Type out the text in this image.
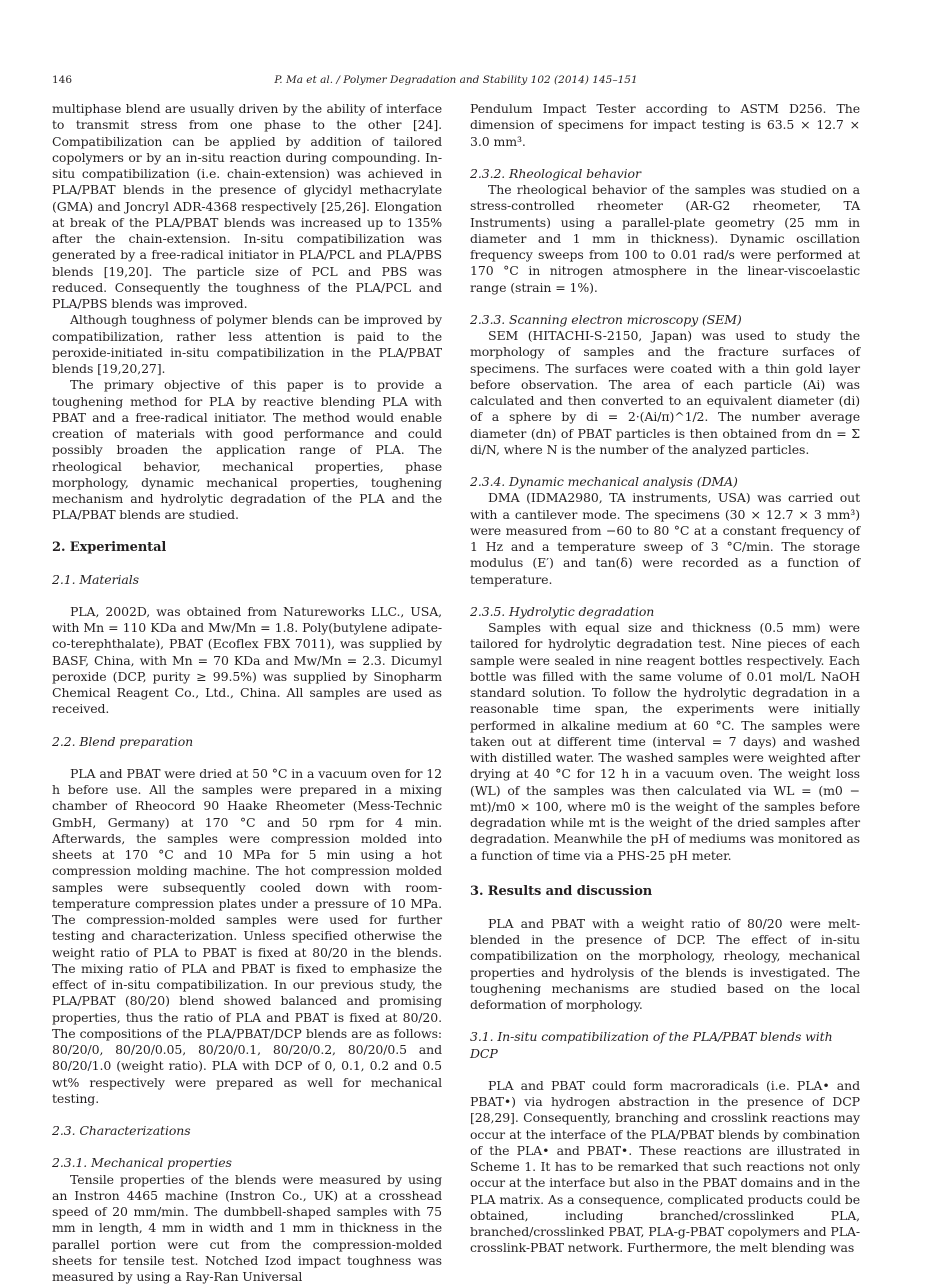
146	P. Ma et al. / Polymer Degradation and Stability 102 (2014) 145–151

multiphase blend are usually driven by the ability of interface to transmit stress from one phase to the other [24]. Compatibilization can be applied by addition of tailored copolymers or by an in-situ reaction during compounding. In-situ compatibilization (i.e. chain-extension) was achieved in PLA/PBAT blends in the presence of glycidyl methacrylate (GMA) and Joncryl ADR-4368 respectively [25,26]. Elongation at break of the PLA/PBAT blends was increased up to 135% after the chain-extension. In-situ compatibilization was generated by a free-radical initiator in PLA/PCL and PLA/PBS blends [19,20]. The particle size of PCL and PBS was reduced. Consequently the toughness of the PLA/PCL and PLA/PBS blends was improved.

Although toughness of polymer blends can be improved by compatibilization, rather less attention is paid to the peroxide-initiated in-situ compatibilization in the PLA/PBAT blends [19,20,27].

The primary objective of this paper is to provide a toughening method for PLA by reactive blending PLA with PBAT and a free-radical initiator. The method would enable creation of materials with good performance and could possibly broaden the application range of PLA. The rheological behavior, mechanical properties, phase morphology, dynamic mechanical properties, toughening mechanism and hydrolytic degradation of the PLA and the PLA/PBAT blends are studied.

2. Experimental
2.1. Materials

PLA, 2002D, was obtained from Natureworks LLC., USA, with Mn = 110 KDa and Mw/Mn = 1.8. Poly(butylene adipate-co-terephthalate), PBAT (Ecoflex FBX 7011), was supplied by BASF, China, with Mn = 70 KDa and Mw/Mn = 2.3. Dicumyl peroxide (DCP, purity ≥ 99.5%) was supplied by Sinopharm Chemical Reagent Co., Ltd., China. All samples are used as received.

2.2. Blend preparation

PLA and PBAT were dried at 50 °C in a vacuum oven for 12 h before use. All the samples were prepared in a mixing chamber of Rheocord 90 Haake Rheometer (Mess-Technic GmbH, Germany) at 170 °C and 50 rpm for 4 min. Afterwards, the samples were compression molded into sheets at 170 °C and 10 MPa for 5 min using a hot compression molding machine. The hot compression molded samples were subsequently cooled down with room-temperature compression plates under a pressure of 10 MPa. The compression-molded samples were used for further testing and characterization. Unless specified otherwise the weight ratio of PLA to PBAT is fixed at 80/20 in the blends. The mixing ratio of PLA and PBAT is fixed to emphasize the effect of in-situ compatibilization. In our previous study, the PLA/PBAT (80/20) blend showed balanced and promising properties, thus the ratio of PLA and PBAT is fixed at 80/20. The compositions of the PLA/PBAT/DCP blends are as follows: 80/20/0, 80/20/0.05, 80/20/0.1, 80/20/0.2, 80/20/0.5 and 80/20/1.0 (weight ratio). PLA with DCP of 0, 0.1, 0.2 and 0.5 wt% respectively were prepared as well for mechanical testing.

2.3. Characterizations
2.3.1. Mechanical properties

Tensile properties of the blends were measured by using an Instron 4465 machine (Instron Co., UK) at a crosshead speed of 20 mm/min. The dumbbell-shaped samples with 75 mm in length, 4 mm in width and 1 mm in thickness in the parallel portion were cut from the compression-molded sheets for tensile test. Notched Izod impact toughness was measured by using a Ray-Ran Universal

Pendulum Impact Tester according to ASTM D256. The dimension of specimens for impact testing is 63.5 × 12.7 × 3.0 mm³.

2.3.2. Rheological behavior

The rheological behavior of the samples was studied on a stress-controlled rheometer (AR-G2 rheometer, TA Instruments) using a parallel-plate geometry (25 mm in diameter and 1 mm in thickness). Dynamic oscillation frequency sweeps from 100 to 0.01 rad/s were performed at 170 °C in nitrogen atmosphere in the linear-viscoelastic range (strain = 1%).

2.3.3. Scanning electron microscopy (SEM)

SEM (HITACHI-S-2150, Japan) was used to study the morphology of samples and the fracture surfaces of specimens. The surfaces were coated with a thin gold layer before observation. The area of each particle (Ai) was calculated and then converted to an equivalent diameter (di) of a sphere by di = 2·(Ai/π)^1/2. The number average diameter (dn) of PBAT particles is then obtained from dn = Σ di/N, where N is the number of the analyzed particles.

2.3.4. Dynamic mechanical analysis (DMA)

DMA (IDMA2980, TA instruments, USA) was carried out with a cantilever mode. The specimens (30 × 12.7 × 3 mm³) were measured from −60 to 80 °C at a constant frequency of 1 Hz and a temperature sweep of 3 °C/min. The storage modulus (E′) and tan(δ) were recorded as a function of temperature.

2.3.5. Hydrolytic degradation

Samples with equal size and thickness (0.5 mm) were tailored for hydrolytic degradation test. Nine pieces of each sample were sealed in nine reagent bottles respectively. Each bottle was filled with the same volume of 0.01 mol/L NaOH standard solution. To follow the hydrolytic degradation in a reasonable time span, the experiments were initially performed in alkaline medium at 60 °C. The samples were taken out at different time (interval = 7 days) and washed with distilled water. The washed samples were weighted after drying at 40 °C for 12 h in a vacuum oven. The weight loss (WL) of the samples was then calculated via WL = (m0 − mt)/m0 × 100, where m0 is the weight of the samples before degradation while mt is the weight of the dried samples after degradation. Meanwhile the pH of mediums was monitored as a function of time via a PHS-25 pH meter.

3. Results and discussion

PLA and PBAT with a weight ratio of 80/20 were melt-blended in the presence of DCP. The effect of in-situ compatibilization on the morphology, rheology, mechanical properties and hydrolysis of the blends is investigated. The toughening mechanisms are studied based on the local deformation of morphology.

3.1. In-situ compatibilization of the PLA/PBAT blends with DCP

PLA and PBAT could form macroradicals (i.e. PLA• and PBAT•) via hydrogen abstraction in the presence of DCP [28,29]. Consequently, branching and crosslink reactions may occur at the interface of the PLA/PBAT blends by combination of the PLA• and PBAT•. These reactions are illustrated in Scheme 1. It has to be remarked that such reactions not only occur at the interface but also in the PBAT domains and in the PLA matrix. As a consequence, complicated products could be obtained, including branched/crosslinked PLA, branched/crosslinked PBAT, PLA-g-PBAT copolymers and PLA-crosslink-PBAT network. Furthermore, the melt blending was
